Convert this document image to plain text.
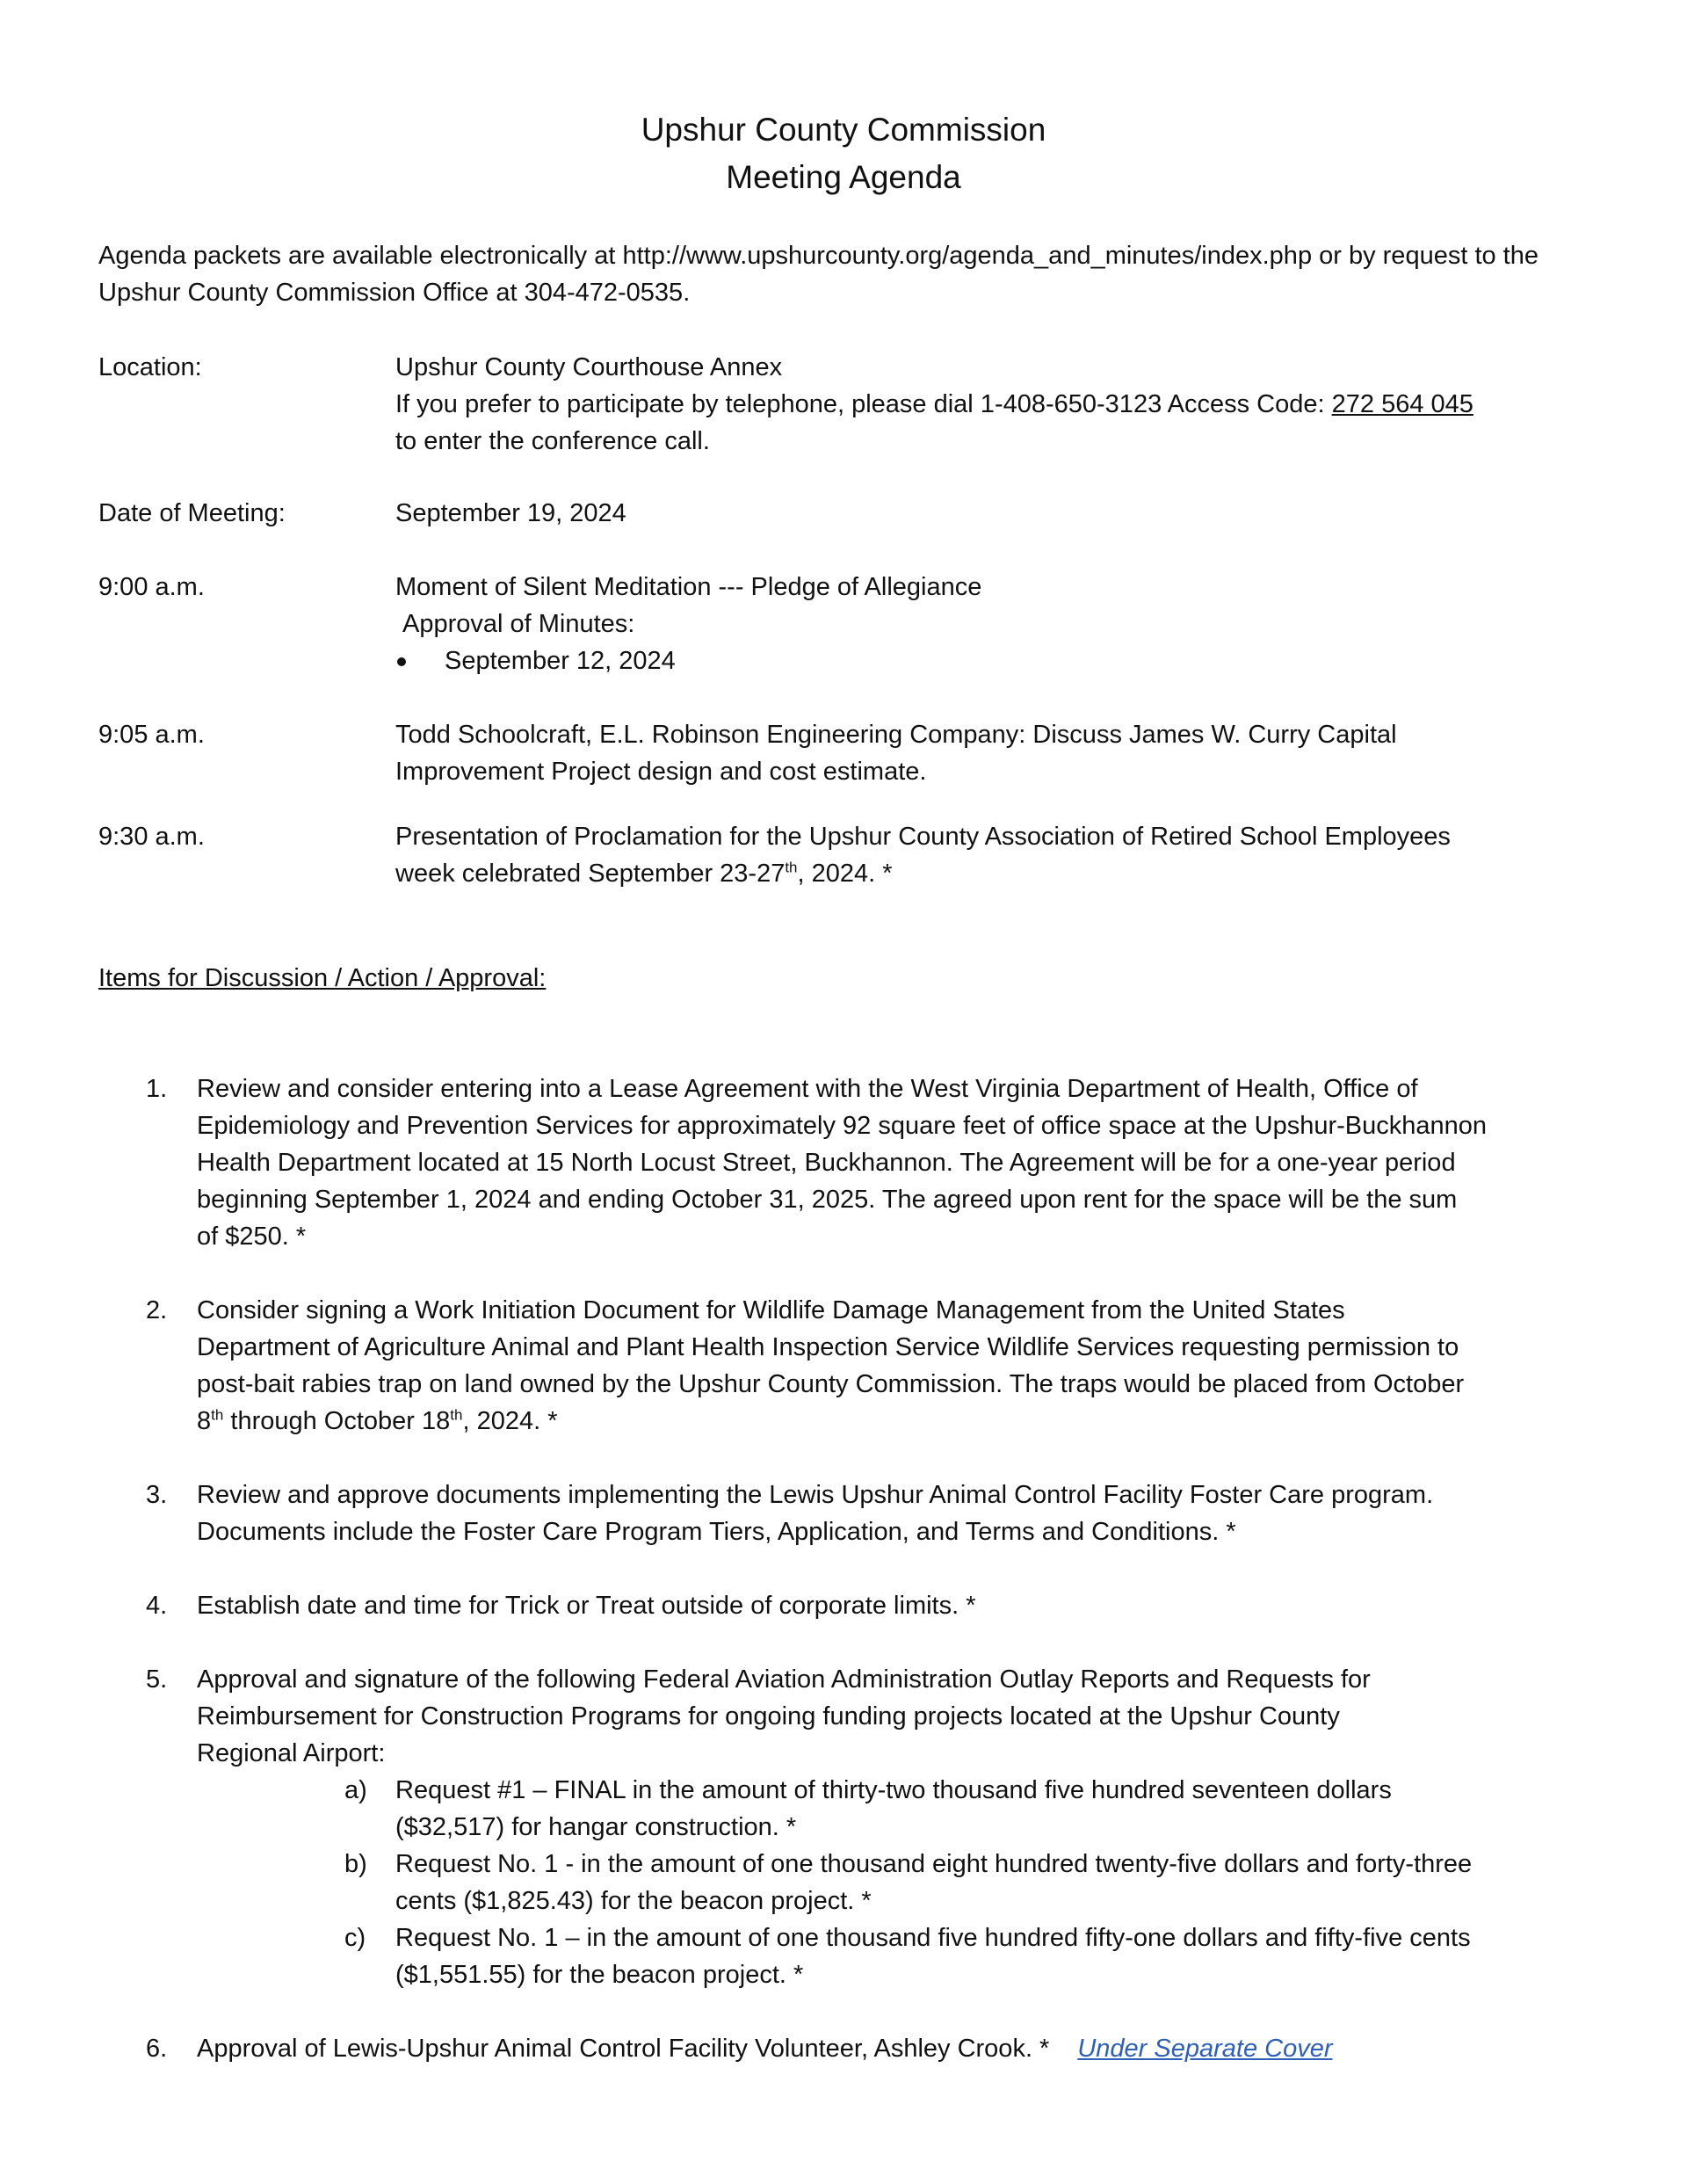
Upshur County Commission
Meeting Agenda
Agenda packets are available electronically at http://www.upshurcounty.org/agenda_and_minutes/index.php or by request to the Upshur County Commission Office at 304-472-0535.
Location:	Upshur County Courthouse Annex
If you prefer to participate by telephone, please dial 1-408-650-3123 Access Code: 272 564 045
to enter the conference call.
Date of Meeting:	September 19, 2024
9:00 a.m.	Moment of Silent Meditation --- Pledge of Allegiance
Approval of Minutes:
September 12, 2024
9:05 a.m.	Todd Schoolcraft, E.L. Robinson Engineering Company: Discuss James W. Curry Capital
Improvement Project design and cost estimate.
9:30 a.m.	Presentation of Proclamation for the Upshur County Association of Retired School Employees
week celebrated September 23-27th, 2024. *
Items for Discussion / Action / Approval:
1. Review and consider entering into a Lease Agreement with the West Virginia Department of Health, Office of
Epidemiology and Prevention Services for approximately 92 square feet of office space at the Upshur-Buckhannon
Health Department located at 15 North Locust Street, Buckhannon. The Agreement will be for a one-year period
beginning September 1, 2024 and ending October 31, 2025. The agreed upon rent for the space will be the sum
of $250. *
2. Consider signing a Work Initiation Document for Wildlife Damage Management from the United States
Department of Agriculture Animal and Plant Health Inspection Service Wildlife Services requesting permission to
post-bait rabies trap on land owned by the Upshur County Commission. The traps would be placed from October
8th through October 18th, 2024. *
3. Review and approve documents implementing the Lewis Upshur Animal Control Facility Foster Care program.
Documents include the Foster Care Program Tiers, Application, and Terms and Conditions. *
4. Establish date and time for Trick or Treat outside of corporate limits. *
5. Approval and signature of the following Federal Aviation Administration Outlay Reports and Requests for
Reimbursement for Construction Programs for ongoing funding projects located at the Upshur County
Regional Airport:
a) Request #1 – FINAL in the amount of thirty-two thousand five hundred seventeen dollars
($32,517) for hangar construction. *
b) Request No. 1 - in the amount of one thousand eight hundred twenty-five dollars and forty-three
cents ($1,825.43) for the beacon project. *
c) Request No. 1 – in the amount of one thousand five hundred fifty-one dollars and fifty-five cents
($1,551.55) for the beacon project. *
6. Approval of Lewis-Upshur Animal Control Facility Volunteer, Ashley Crook. * Under Separate Cover
